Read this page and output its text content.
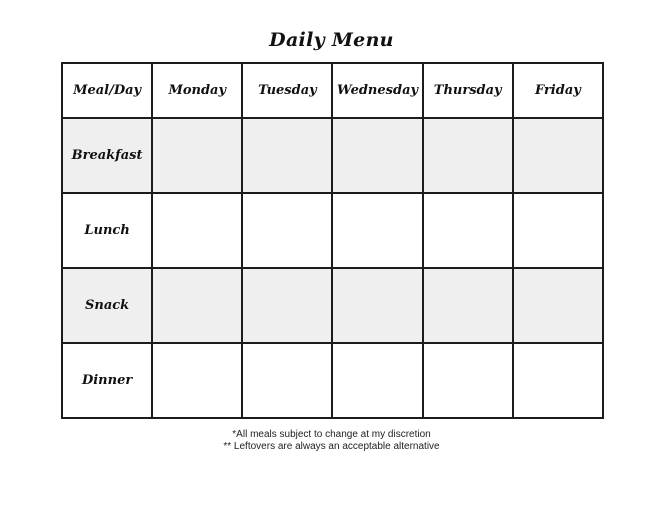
Daily Menu
Meal/Day	Monday	Tuesday	Wednesday	Thursday	Friday
Breakfast					
Lunch					
Snack					
Dinner					
*All meals subject to change at my discretion
** Leftovers are always an acceptable alternative
